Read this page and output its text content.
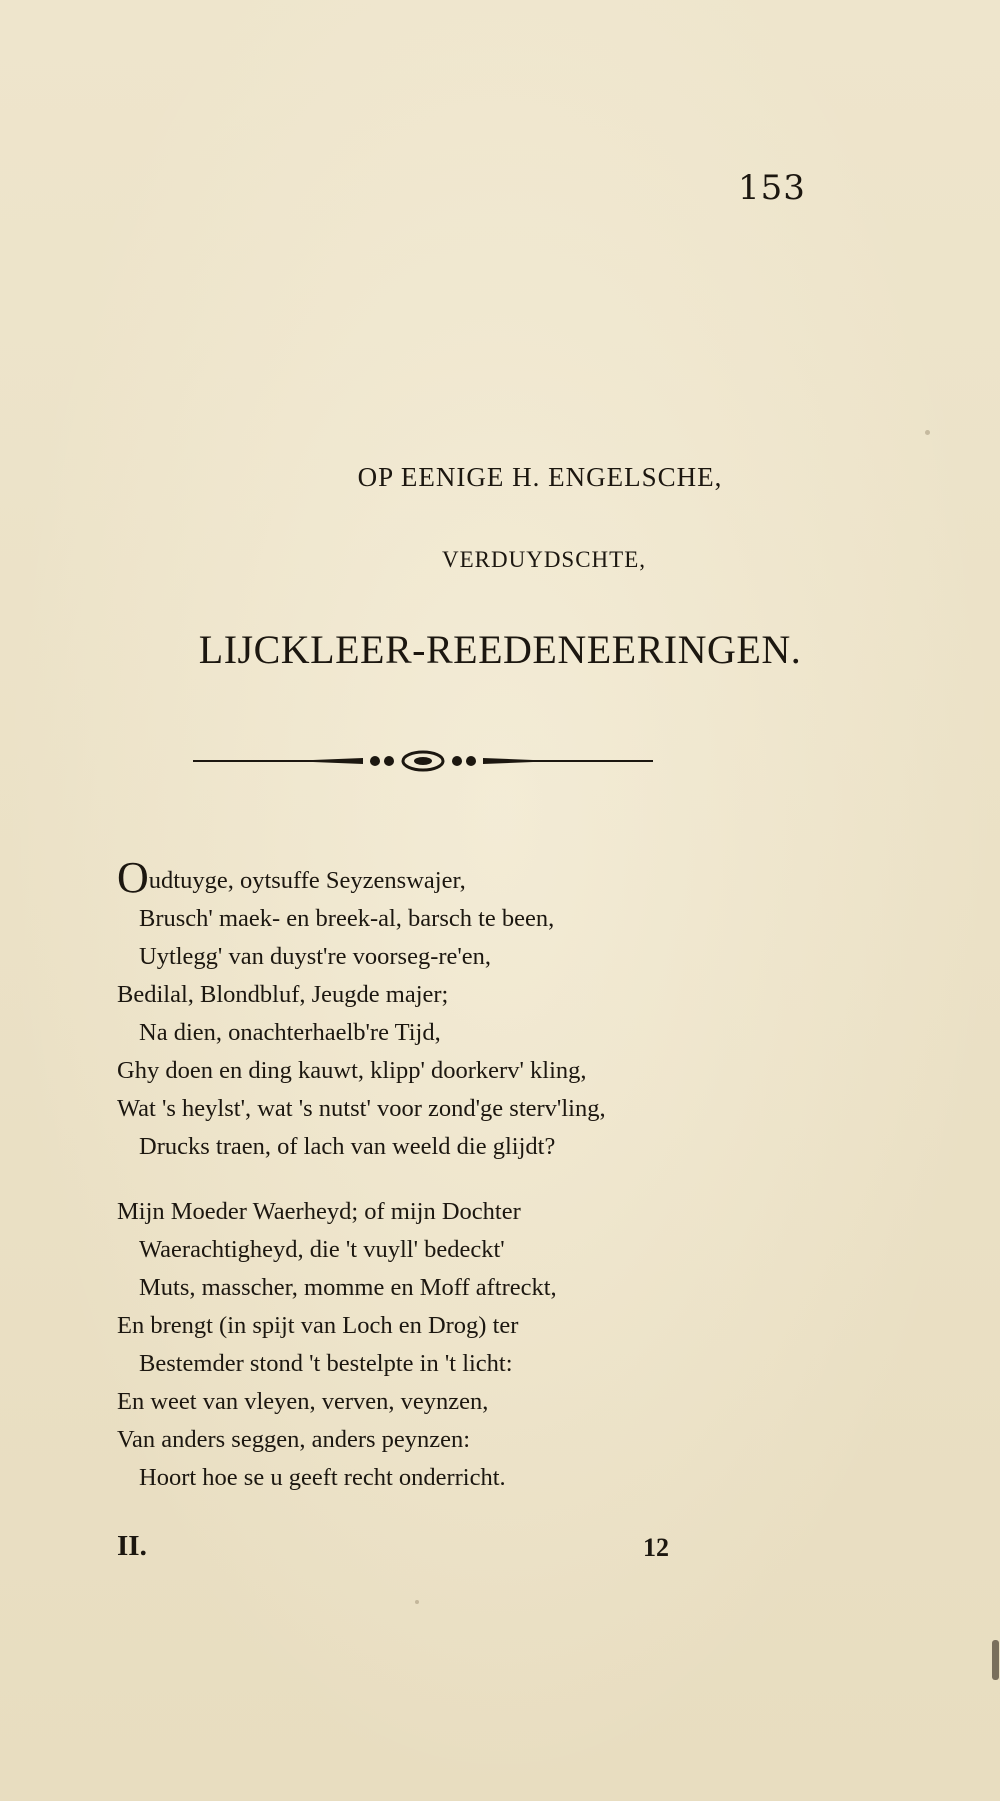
153
OP EENIGE H. ENGELSCHE,
VERDUYDSCHTE,
LIJCKLEER-REEDENEERINGEN.
Oudtuyge, oytsuffe Seyzenswajer,
Brusch' maek- en breek-al, barsch te been,
Uytlegg' van duyst're voorseg-re'en,
Bedilal, Blondbluf, Jeugde majer;
Na dien, onachterhaelb're Tijd,
Ghy doen en ding kauwt, klipp' doorkerv' kling,
Wat 's heylst', wat 's nutst' voor zond'ge sterv'ling,
Drucks traen, of lach van weeld die glijdt?
Mijn Moeder Waerheyd; of mijn Dochter
Waerachtigheyd, die 't vuyll' bedeckt'
Muts, masscher, momme en Moff aftreckt,
En brengt (in spijt van Loch en Drog) ter
Bestemder stond 't bestelpte in 't licht:
En weet van vleyen, verven, veynzen,
Van anders seggen, anders peynzen:
Hoort hoe se u geeft recht onderricht.
II.	12
